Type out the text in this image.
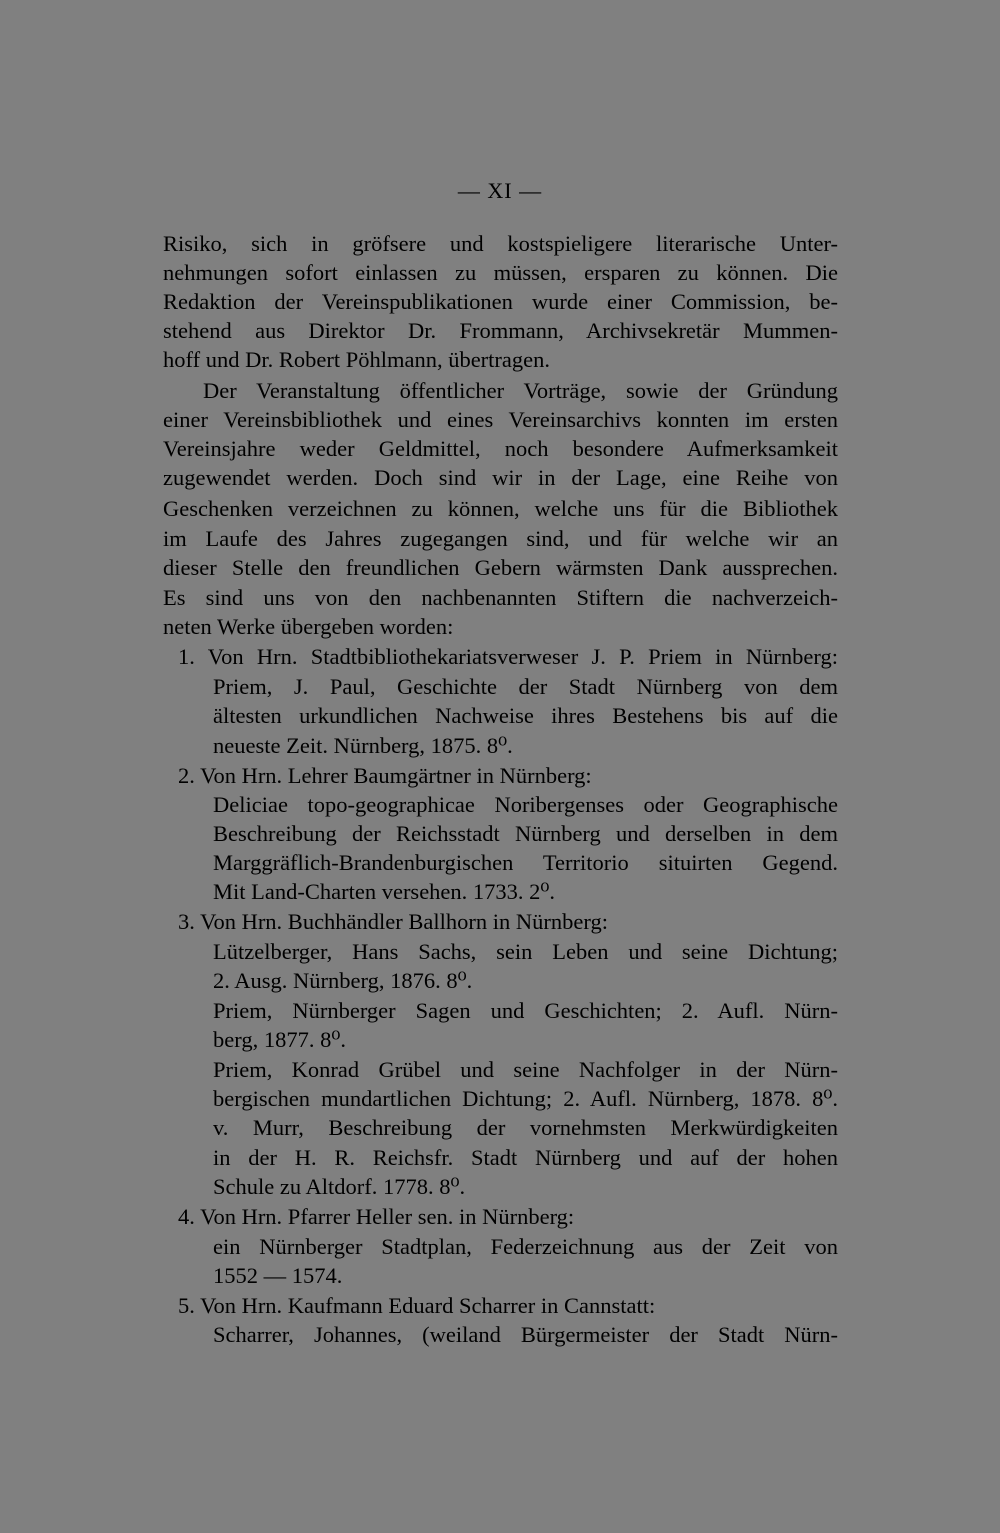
— XI —
Risiko, sich in gröfsere und kostspieligere literarische Unter-
nehmungen sofort einlassen zu müssen, ersparen zu können. Die
Redaktion der Vereinspublikationen wurde einer Commission, be-
stehend aus Direktor Dr. Frommann, Archivsekretär Mummen-
hoff und Dr. Robert Pöhlmann, übertragen.
Der Veranstaltung öffentlicher Vorträge, sowie der Gründung
einer Vereinsbibliothek und eines Vereinsarchivs konnten im ersten
Vereinsjahre weder Geldmittel, noch besondere Aufmerksamkeit
zugewendet werden. Doch sind wir in der Lage, eine Reihe von
Geschenken verzeichnen zu können, welche uns für die Bibliothek
im Laufe des Jahres zugegangen sind, und für welche wir an
dieser Stelle den freundlichen Gebern wärmsten Dank aussprechen.
Es sind uns von den nachbenannten Stiftern die nachverzeich-
neten Werke übergeben worden:
1. Von Hrn. Stadtbibliothekariatsverweser J. P. Priem in Nürnberg:
Priem, J. Paul, Geschichte der Stadt Nürnberg von dem
ältesten urkundlichen Nachweise ihres Bestehens bis auf die
neueste Zeit. Nürnberg, 1875. 8⁰.
2. Von Hrn. Lehrer Baumgärtner in Nürnberg:
Deliciae topo-geographicae Noribergenses oder Geographische
Beschreibung der Reichsstadt Nürnberg und derselben in dem
Marggräflich-Brandenburgischen Territorio situirten Gegend.
Mit Land-Charten versehen. 1733. 2⁰.
3. Von Hrn. Buchhändler Ballhorn in Nürnberg:
Lützelberger, Hans Sachs, sein Leben und seine Dichtung;
2. Ausg. Nürnberg, 1876. 8⁰.
Priem, Nürnberger Sagen und Geschichten; 2. Aufl. Nürn-
berg, 1877. 8⁰.
Priem, Konrad Grübel und seine Nachfolger in der Nürn-
bergischen mundartlichen Dichtung; 2. Aufl. Nürnberg, 1878. 8⁰.
v. Murr, Beschreibung der vornehmsten Merkwürdigkeiten
in der H. R. Reichsfr. Stadt Nürnberg und auf der hohen
Schule zu Altdorf. 1778. 8⁰.
4. Von Hrn. Pfarrer Heller sen. in Nürnberg:
ein Nürnberger Stadtplan, Federzeichnung aus der Zeit von
1552 — 1574.
5. Von Hrn. Kaufmann Eduard Scharrer in Cannstatt:
Scharrer, Johannes, (weiland Bürgermeister der Stadt Nürn-
